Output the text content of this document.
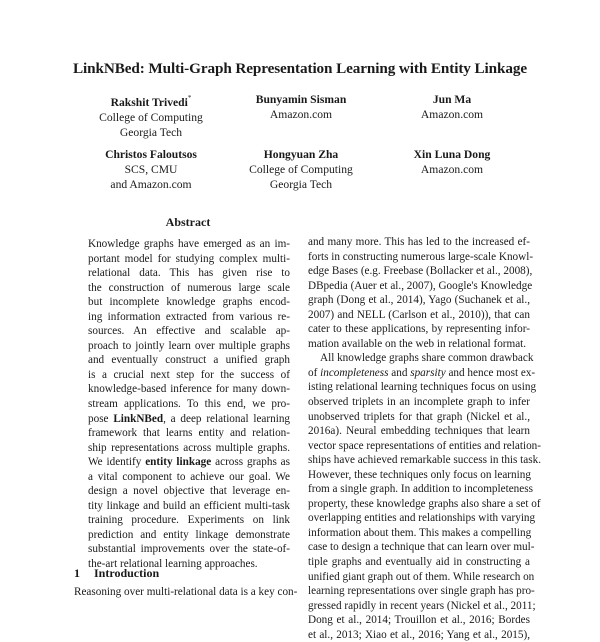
LinkNBed: Multi-Graph Representation Learning with Entity Linkage
Rakshit Trivedi*
College of Computing
Georgia Tech
Bunyamin Sisman
Amazon.com
Jun Ma
Amazon.com
Christos Faloutsos
SCS, CMU
and Amazon.com
Hongyuan Zha
College of Computing
Georgia Tech
Xin Luna Dong
Amazon.com
Abstract
Knowledge graphs have emerged as an im-
portant model for studying complex multi-
relational data. This has given rise to
the construction of numerous large scale
but incomplete knowledge graphs encod-
ing information extracted from various re-
sources. An effective and scalable ap-
proach to jointly learn over multiple graphs
and eventually construct a unified graph
is a crucial next step for the success of
knowledge-based inference for many down-
stream applications. To this end, we pro-
pose LinkNBed, a deep relational learning
framework that learns entity and relation-
ship representations across multiple graphs.
We identify entity linkage across graphs as
a vital component to achieve our goal. We
design a novel objective that leverage en-
tity linkage and build an efficient multi-task
training procedure. Experiments on link
prediction and entity linkage demonstrate
substantial improvements over the state-of-
the-art relational learning approaches.
1 Introduction
Reasoning over multi-relational data is a key con-
and many more. This has led to the increased ef-
forts in constructing numerous large-scale Knowl-
edge Bases (e.g. Freebase (Bollacker et al., 2008),
DBpedia (Auer et al., 2007), Google's Knowledge
graph (Dong et al., 2014), Yago (Suchanek et al.,
2007) and NELL (Carlson et al., 2010)), that can
cater to these applications, by representing infor-
mation available on the web in relational format.
All knowledge graphs share common drawback
of incompleteness and sparsity and hence most ex-
isting relational learning techniques focus on using
observed triplets in an incomplete graph to infer
unobserved triplets for that graph (Nickel et al.,
2016a). Neural embedding techniques that learn
vector space representations of entities and relation-
ships have achieved remarkable success in this task.
However, these techniques only focus on learning
from a single graph. In addition to incompleteness
property, these knowledge graphs also share a set of
overlapping entities and relationships with varying
information about them. This makes a compelling
case to design a technique that can learn over mul-
tiple graphs and eventually aid in constructing a
unified giant graph out of them. While research on
learning representations over single graph has pro-
gressed rapidly in recent years (Nickel et al., 2011;
Dong et al., 2014; Trouillon et al., 2016; Bordes
et al., 2013; Xiao et al., 2016; Yang et al., 2015),
